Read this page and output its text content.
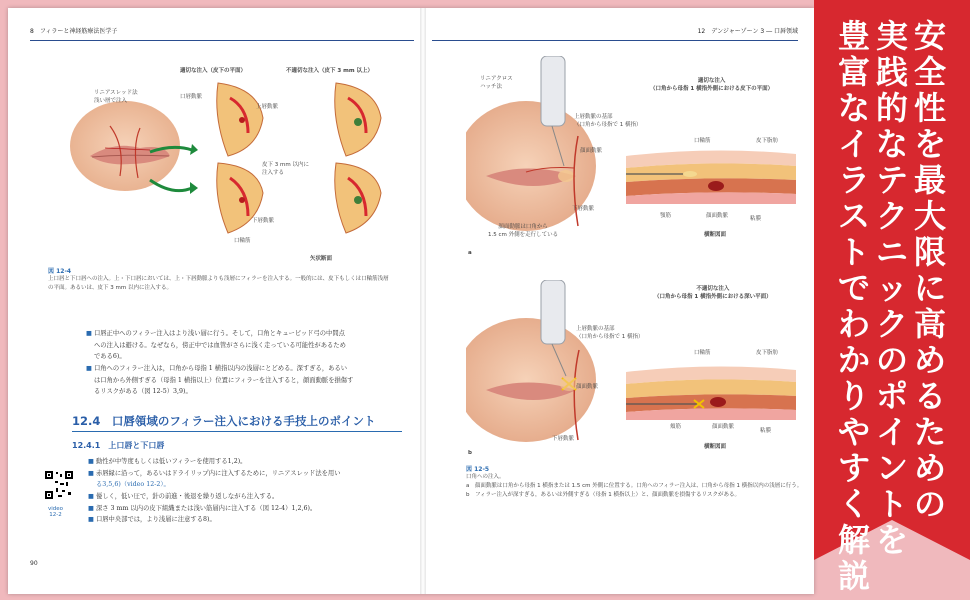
8　フィラーと神経筋療法医学子
適切な注入（皮下の平面）	不適切な注入（皮下 3 mm 以上）
リニアスレッド法
浅い層で注入
口唇動脈
上唇動脈
皮下 3 mm 以内に
注入する
下唇動脈
口輪筋
矢状断面
図 12-4
上口唇と下口唇への注入。上・下口唇においては、上・下唇動脈よりも浅層にフィラーを注入する。一般的には、皮下もしくは口輪筋浅層
の平面。あるいは、皮下 3 mm 以内に注入する。
■ 口唇正中へのフィラー注入はより浅い層に行う。そして，口角とキューピッド弓の中間点
への注入は避ける。なぜなら，傍正中では血管がさらに浅く走っている可能性があるため
である6)。
■ 口角へのフィラー注入は，口角から母指 1 横指以内の浅層にとどめる。深すぎる，あるい
は口角から外側すぎる（母指 1 横指以上）位置にフィラーを注入すると，顔面動脈を損傷す
るリスクがある（図 12-5）3,9)。
12.4　口唇領域のフィラー注入における手技上のポイント
12.4.1　上口唇と下口唇
■ 動性が中等度もしくは低いフィラーを使用する1,2)。
■ 赤唇縁に沿って，あるいはドライリップ内に注入するために，リニアスレッド法を用い
る3,5,6)（video 12-2）。
■ 優しく，低い圧で，針の前進・後退を繰り返しながら注入する。
■ 深さ 3 mm 以内の皮下組織または浅い筋層内に注入する（図 12-4）1,2,6)。
■ 口唇中央部では，より浅層に注意する8)。
video
12-2
90
12　デンジャーゾーン 3 ― 口唇領域
リニアクロス
ハッチ法
上唇動脈の基部
（口角から母指で 1 横指）
顔面動脈
下唇動脈
顔面動脈は口角から
1.5 cm 外側を走行している
適切な注入
（口角から母指 1 横指外側における皮下の平面）
口輪筋	皮下脂肪
顎筋	顔面動脈	粘膜
横断図面
a
上唇動脈の基部
（口角から母指で 1 横指）
顔面動脈
下唇動脈
不適切な注入
（口角から母指 1 横指外側における深い平面）
口輪筋	皮下脂肪
頬筋	顔面動脈
粘膜
横断図面
b
図 12-5
口角への注入。
a　顔面動脈は口角から母指 1 横指または 1.5 cm 外側に位置する。口角へのフィラー注入は、口角から母指 1 横指以内の浅層に行う。
b　フィラー注入が深すぎる，あるいは外側すぎる（母指 1 横指以上）と、顔面動脈を損傷するリスクがある。
安全性を最大限に高めるための
実践的なテクニックのポイントを
豊富なイラストでわかりやすく解説
